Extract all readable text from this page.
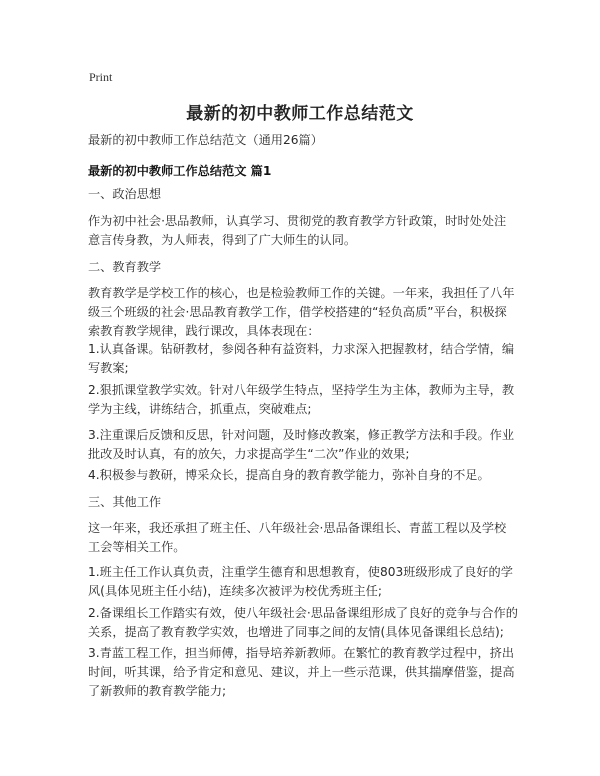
Print
最新的初中教师工作总结范文

最新的初中教师工作总结范文（通用26篇）

最新的初中教师工作总结范文 篇1

一、政治思想

作为初中社会·思品教师，认真学习、贯彻党的教育教学方针政策，时时处处注意言传身教，为人师表，得到了广大师生的认同。

二、教育教学

教育教学是学校工作的核心，也是检验教师工作的关键。一年来，我担任了八年级三个班级的社会·思品教育教学工作，借学校搭建的“轻负高质”平台，积极探索教育教学规律，践行课改，具体表现在：

1.认真备课。钻研教材，参阅各种有益资料，力求深入把握教材，结合学情，编写教案;

2.狠抓课堂教学实效。针对八年级学生特点，坚持学生为主体，教师为主导，教学为主线，讲练结合，抓重点，突破难点;

3.注重课后反馈和反思，针对问题，及时修改教案，修正教学方法和手段。作业批改及时认真，有的放矢，力求提高学生“二次”作业的效果;

4.积极参与教研，博采众长，提高自身的教育教学能力，弥补自身的不足。

三、其他工作

这一年来，我还承担了班主任、八年级社会·思品备课组长、青蓝工程以及学校工会等相关工作。

1.班主任工作认真负责，注重学生德育和思想教育，使803班级形成了良好的学风(具体见班主任小结)，连续多次被评为校优秀班主任;

2.备课组长工作踏实有效，使八年级社会·思品备课组形成了良好的竞争与合作的关系，提高了教育教学实效，也增进了同事之间的友情(具体见备课组长总结);

3.青蓝工程工作，担当师傅，指导培养新教师。在繁忙的教育教学过程中，挤出时间，听其课，给予肯定和意见、建议，并上一些示范课，供其揣摩借鉴，提高了新教师的教育教学能力;
